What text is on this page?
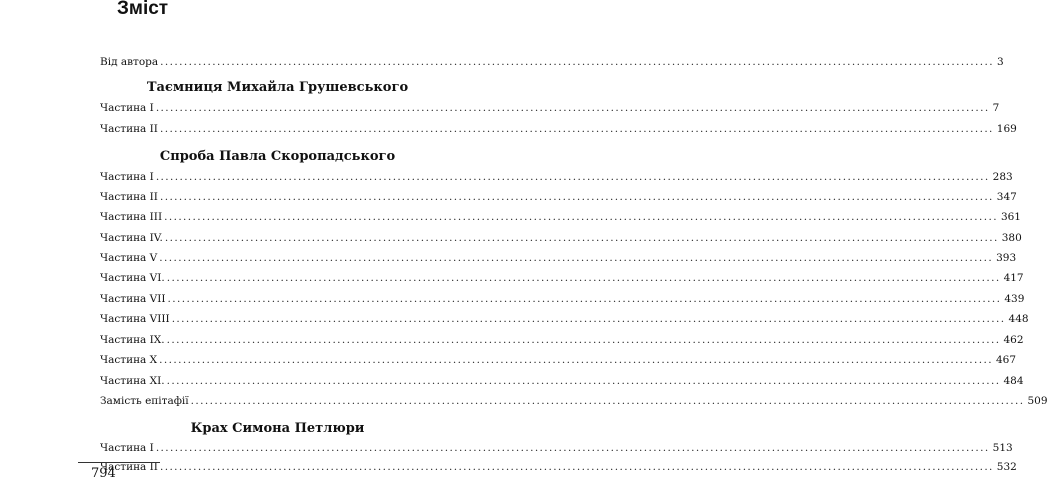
Зміст
Від автора ................................................................................................................................................................................ 3
Таємниця Михайла Грушевського
Частина I ................................................................................................................................................................................ 7
Частина II ................................................................................................................................................................................ 169
Спроба Павла Скоропадського
Частина I ................................................................................................................................................................................ 283
Частина II ................................................................................................................................................................................ 347
Частина III ................................................................................................................................................................................ 361
Частина IV. ................................................................................................................................................................................ 380
Частина V ................................................................................................................................................................................ 393
Частина VI. ................................................................................................................................................................................ 417
Частина VII ................................................................................................................................................................................ 439
Частина VIII ................................................................................................................................................................................ 448
Частина IX. ................................................................................................................................................................................ 462
Частина X ................................................................................................................................................................................ 467
Частина XI. ................................................................................................................................................................................ 484
Замість епітафії ................................................................................................................................................................................ 509
Крах Симона Петлюри
Частина I ................................................................................................................................................................................ 513
Частина II ................................................................................................................................................................................ 532
794
